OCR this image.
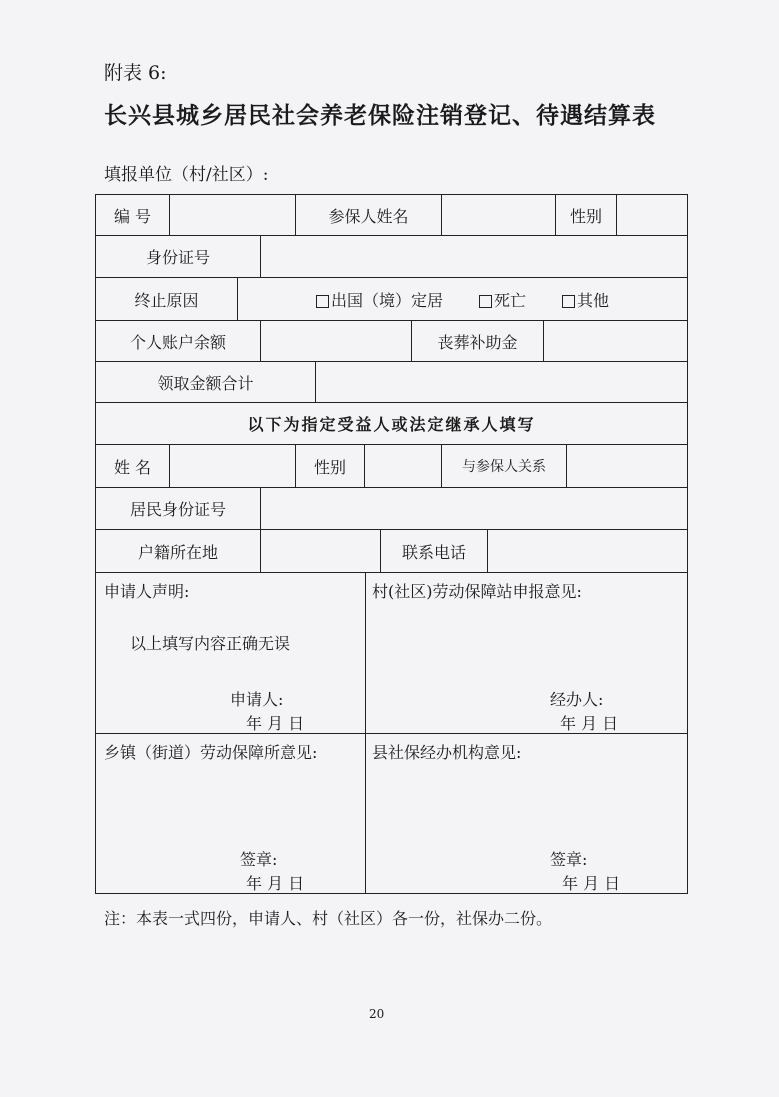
附表 6:
长兴县城乡居民社会养老保险注销登记、待遇结算表
填报单位（村/社区）:
编 号	参保人姓名	性别
身份证号
终止原因	出国（境）定居	死亡	其他
个人账户余额	丧葬补助金
领取金额合计
以下为指定受益人或法定继承人填写
姓 名	性别	与参保人关系
居民身份证号
户籍所在地	联系电话
申请人声明:
以上填写内容正确无误
申请人:
年 月 日
村(社区)劳动保障站申报意见:
经办人:
年 月 日
乡镇（街道）劳动保障所意见:
签章:
年 月 日
县社保经办机构意见:
签章:
年 月 日
注：本表一式四份，申请人、村（社区）各一份，社保办二份。
20
